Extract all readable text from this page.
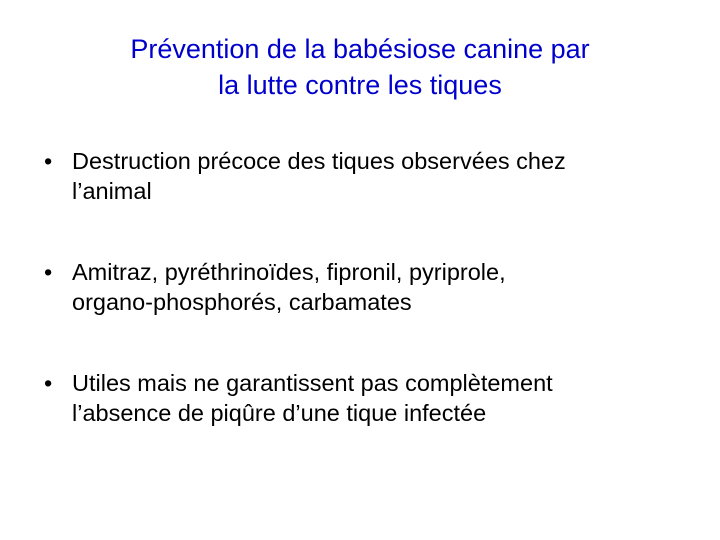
Prévention de la babésiose canine par
la lutte contre les tiques
• Destruction précoce des tiques observées chez
l’animal
• Amitraz, pyréthrinoïdes, fipronil, pyriprole,
organo-phosphorés, carbamates
• Utiles mais ne garantissent pas complètement
l’absence de piqûre d’une tique infectée
